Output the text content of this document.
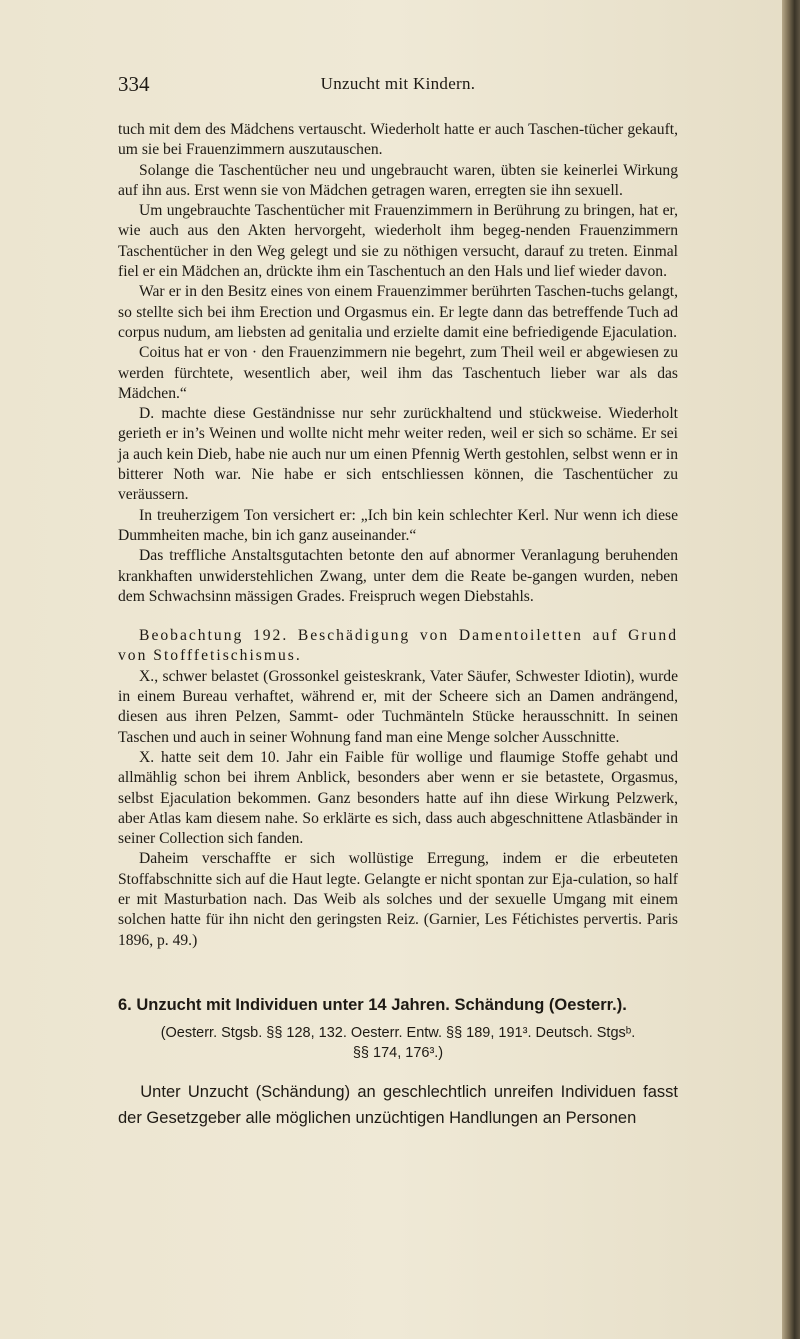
334	Unzucht mit Kindern.

tuch mit dem des Mädchens vertauscht. Wiederholt hatte er auch Taschen-tücher gekauft, um sie bei Frauenzimmern auszutauschen.

Solange die Taschentücher neu und ungebraucht waren, übten sie keinerlei Wirkung auf ihn aus. Erst wenn sie von Mädchen getragen waren, erregten sie ihn sexuell.

Um ungebrauchte Taschentücher mit Frauenzimmern in Berührung zu bringen, hat er, wie auch aus den Akten hervorgeht, wiederholt ihm begeg-nenden Frauenzimmern Taschentücher in den Weg gelegt und sie zu nöthigen versucht, darauf zu treten. Einmal fiel er ein Mädchen an, drückte ihm ein Taschentuch an den Hals und lief wieder davon.

War er in den Besitz eines von einem Frauenzimmer berührten Taschen-tuchs gelangt, so stellte sich bei ihm Erection und Orgasmus ein. Er legte dann das betreffende Tuch ad corpus nudum, am liebsten ad genitalia und erzielte damit eine befriedigende Ejaculation.

Coitus hat er von · den Frauenzimmern nie begehrt, zum Theil weil er abgewiesen zu werden fürchtete, wesentlich aber, weil ihm das Taschentuch lieber war als das Mädchen.“

D. machte diese Geständnisse nur sehr zurückhaltend und stückweise. Wiederholt gerieth er in’s Weinen und wollte nicht mehr weiter reden, weil er sich so schäme. Er sei ja auch kein Dieb, habe nie auch nur um einen Pfennig Werth gestohlen, selbst wenn er in bitterer Noth war. Nie habe er sich entschliessen können, die Taschentücher zu veräussern.

In treuherzigem Ton versichert er: „Ich bin kein schlechter Kerl. Nur wenn ich diese Dummheiten mache, bin ich ganz auseinander.“

Das treffliche Anstaltsgutachten betonte den auf abnormer Veranlagung beruhenden krankhaften unwiderstehlichen Zwang, unter dem die Reate be-gangen wurden, neben dem Schwachsinn mässigen Grades. Freispruch wegen Diebstahls.

Beobachtung 192. Beschädigung von Damentoiletten auf Grund von Stofffetischismus.

X., schwer belastet (Grossonkel geisteskrank, Vater Säufer, Schwester Idiotin), wurde in einem Bureau verhaftet, während er, mit der Scheere sich an Damen andrängend, diesen aus ihren Pelzen, Sammt- oder Tuchmänteln Stücke herausschnitt. In seinen Taschen und auch in seiner Wohnung fand man eine Menge solcher Ausschnitte.

X. hatte seit dem 10. Jahr ein Faible für wollige und flaumige Stoffe gehabt und allmählig schon bei ihrem Anblick, besonders aber wenn er sie betastete, Orgasmus, selbst Ejaculation bekommen. Ganz besonders hatte auf ihn diese Wirkung Pelzwerk, aber Atlas kam diesem nahe. So erklärte es sich, dass auch abgeschnittene Atlasbänder in seiner Collection sich fanden.

Daheim verschaffte er sich wollüstige Erregung, indem er die erbeuteten Stoffabschnitte sich auf die Haut legte. Gelangte er nicht spontan zur Eja-culation, so half er mit Masturbation nach. Das Weib als solches und der sexuelle Umgang mit einem solchen hatte für ihn nicht den geringsten Reiz. (Garnier, Les Fétichistes pervertis. Paris 1896, p. 49.)

6. Unzucht mit Individuen unter 14 Jahren. Schändung (Oesterr.).

(Oesterr. Stgsb. §§ 128, 132. Oesterr. Entw. §§ 189, 191³. Deutsch. Stgsᵇ.
§§ 174, 176³.)

Unter Unzucht (Schändung) an geschlechtlich unreifen Individuen fasst der Gesetzgeber alle möglichen unzüchtigen Handlungen an Personen
